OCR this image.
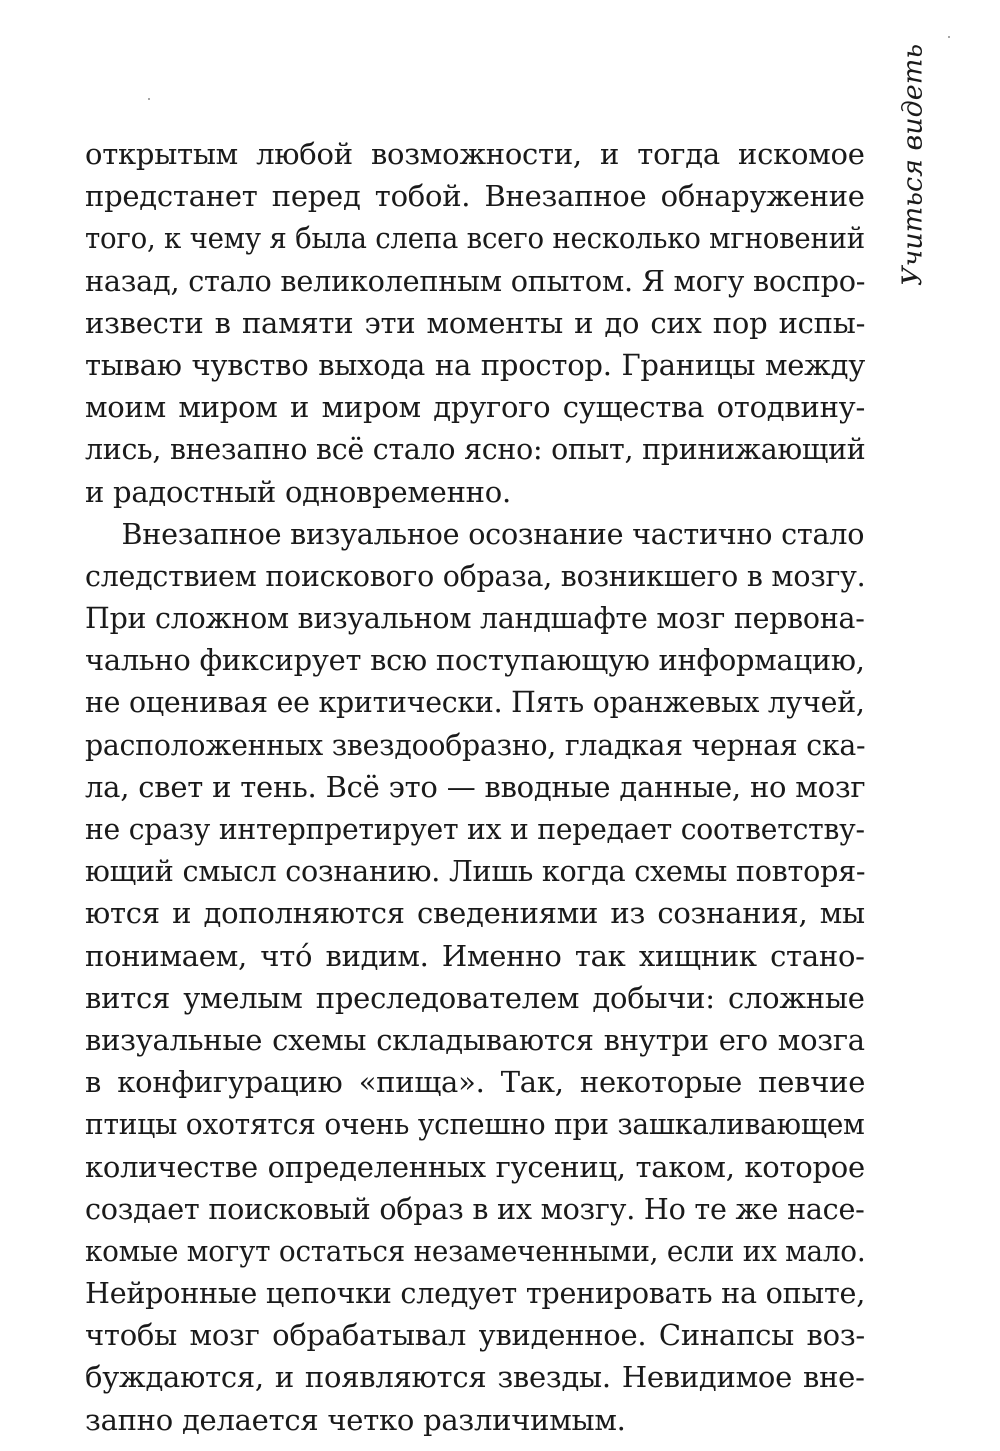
Учиться видеть
открытым любой возможности, и тогда искомое
предстанет перед тобой. Внезапное обнаружение
того, к чему я была слепа всего несколько мгновений
назад, стало великолепным опытом. Я могу воспро-
извести в памяти эти моменты и до сих пор испы-
тываю чувство выхода на простор. Границы между
моим миром и миром другого существа отодвину-
лись, внезапно всё стало ясно: опыт, принижающий
и радостный одновременно.
Внезапное визуальное осознание частично стало
следствием поискового образа, возникшего в мозгу.
При сложном визуальном ландшафте мозг первона-
чально фиксирует всю поступающую информацию,
не оценивая ее критически. Пять оранжевых лучей,
расположенных звездообразно, гладкая черная ска-
ла, свет и тень. Всё это — вводные данные, но мозг
не сразу интерпретирует их и передает соответству-
ющий смысл сознанию. Лишь когда схемы повторя-
ются и дополняются сведениями из сознания, мы
понимаем, что́ видим. Именно так хищник стано-
вится умелым преследователем добычи: сложные
визуальные схемы складываются внутри его мозга
в конфигурацию «пища». Так, некоторые певчие
птицы охотятся очень успешно при зашкаливающем
количестве определенных гусениц, таком, которое
создает поисковый образ в их мозгу. Но те же насе-
комые могут остаться незамеченными, если их мало.
Нейронные цепочки следует тренировать на опыте,
чтобы мозг обрабатывал увиденное. Синапсы воз-
буждаются, и появляются звезды. Невидимое вне-
запно делается четко различимым.
